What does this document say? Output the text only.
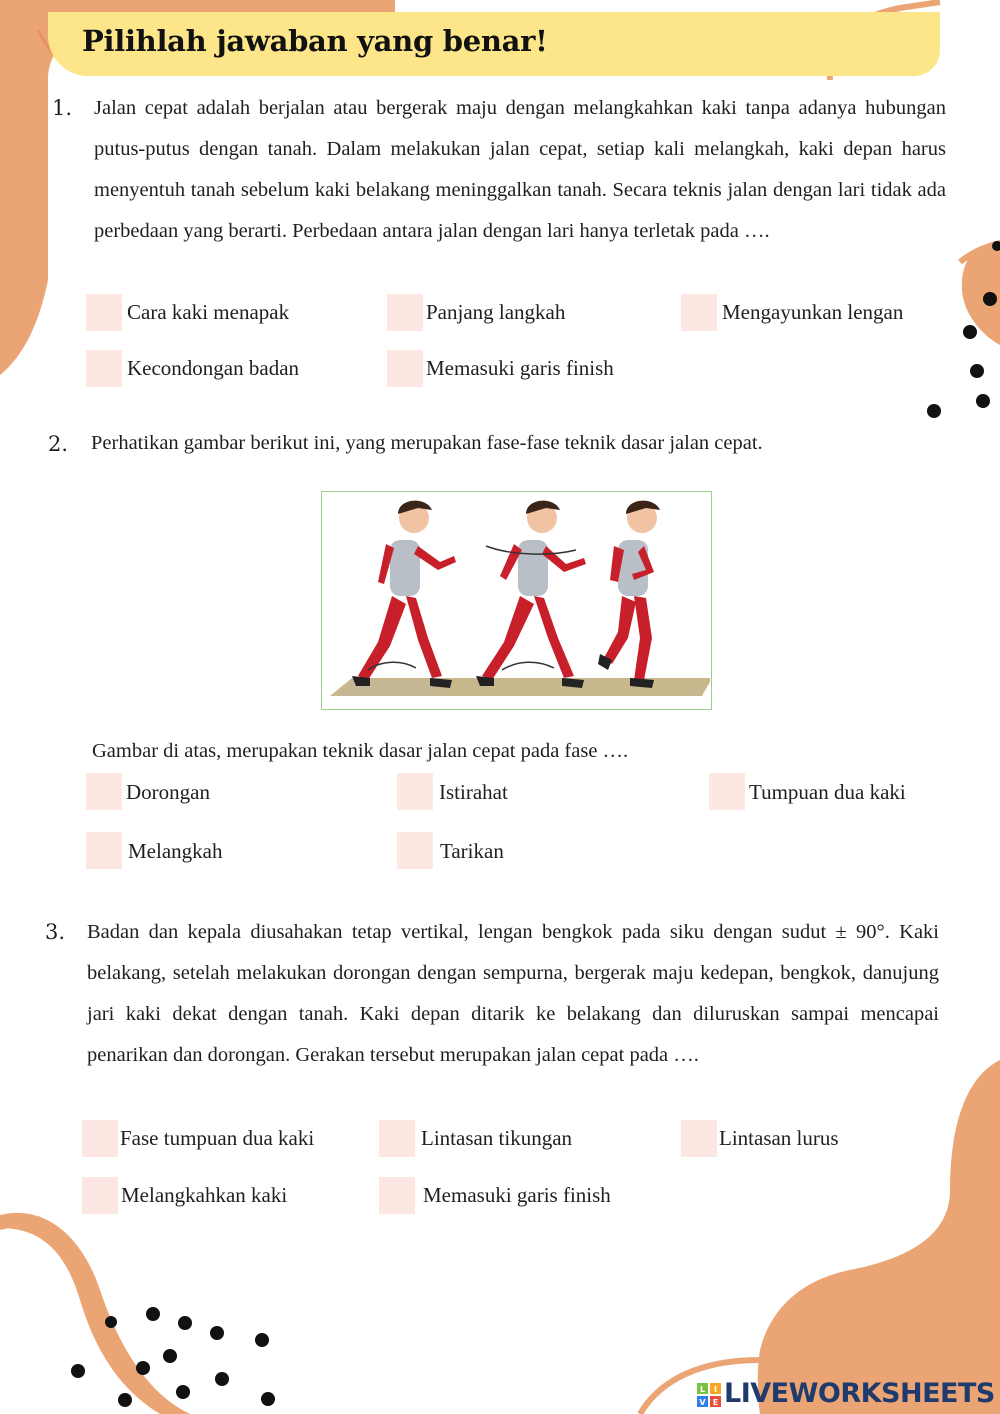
Pilihlah jawaban yang benar!
1. Jalan cepat adalah berjalan atau bergerak maju dengan melangkahkan kaki tanpa adanya hubungan putus-putus dengan tanah. Dalam melakukan jalan cepat, setiap kali melangkah, kaki depan harus menyentuh tanah sebelum kaki belakang meninggalkan tanah. Secara teknis jalan dengan lari tidak ada perbedaan yang berarti. Perbedaan antara jalan dengan lari hanya terletak pada ….
Cara kaki menapak	Panjang langkah	Mengayunkan lengan
Kecondongan badan	Memasuki garis finish
2. Perhatikan gambar berikut ini, yang merupakan fase-fase teknik dasar jalan cepat.
Gambar di atas, merupakan teknik dasar jalan cepat pada fase ….
Dorongan	Istirahat	Tumpuan dua kaki
Melangkah	Tarikan
3. Badan dan kepala diusahakan tetap vertikal, lengan bengkok pada siku dengan sudut ± 90°. Kaki belakang, setelah melakukan dorongan dengan sempurna, bergerak maju kedepan, bengkok, danujung jari kaki dekat dengan tanah. Kaki depan ditarik ke belakang dan diluruskan sampai mencapai penarikan dan dorongan. Gerakan tersebut merupakan jalan cepat pada ….
Fase tumpuan dua kaki	Lintasan tikungan	Lintasan lurus
Melangkahkan kaki	Memasuki garis finish
L I
V E LIVEWORKSHEETS
